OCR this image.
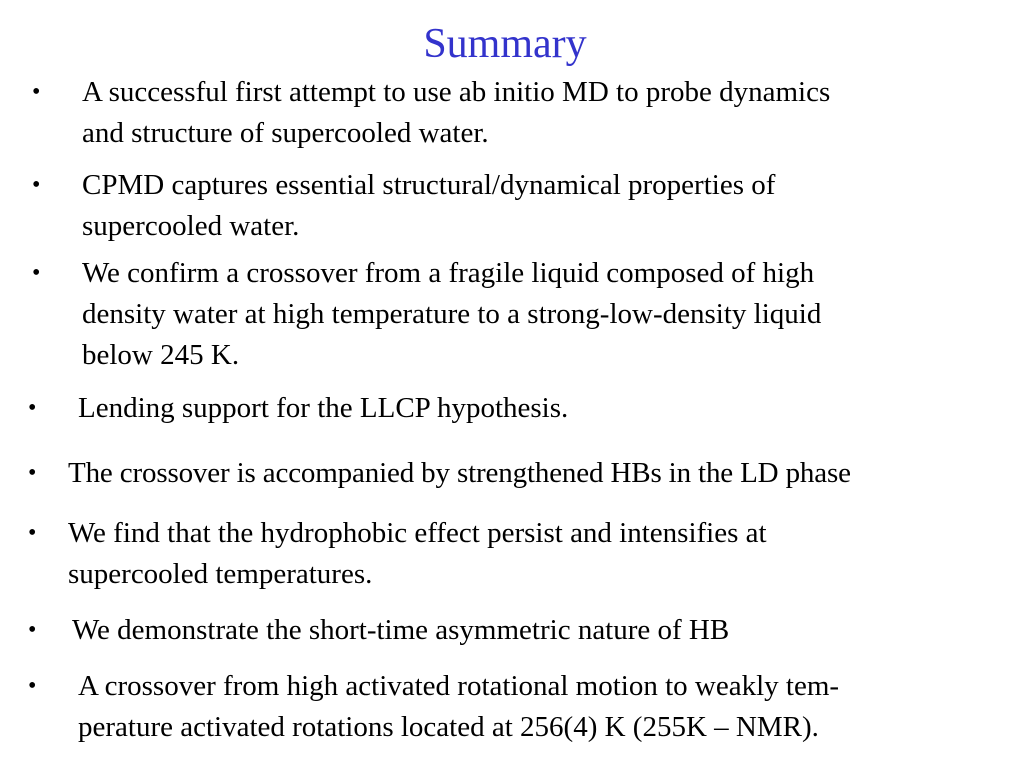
Summary
• A successful first attempt to use ab initio MD to probe dynamics
and structure of supercooled water.
• CPMD captures essential structural/dynamical properties of
supercooled water.
• We confirm a crossover from a fragile liquid composed of high
density water at high temperature to a strong-low-density liquid
below 245 K.
• Lending support for the LLCP hypothesis.
• The crossover is accompanied by strengthened HBs in the LD phase
• We find that the hydrophobic effect persist and intensifies at
supercooled temperatures.
• We demonstrate the short-time asymmetric nature of HB
• A crossover from high activated rotational motion to weakly tem-
perature activated rotations located at 256(4) K (255K – NMR).
